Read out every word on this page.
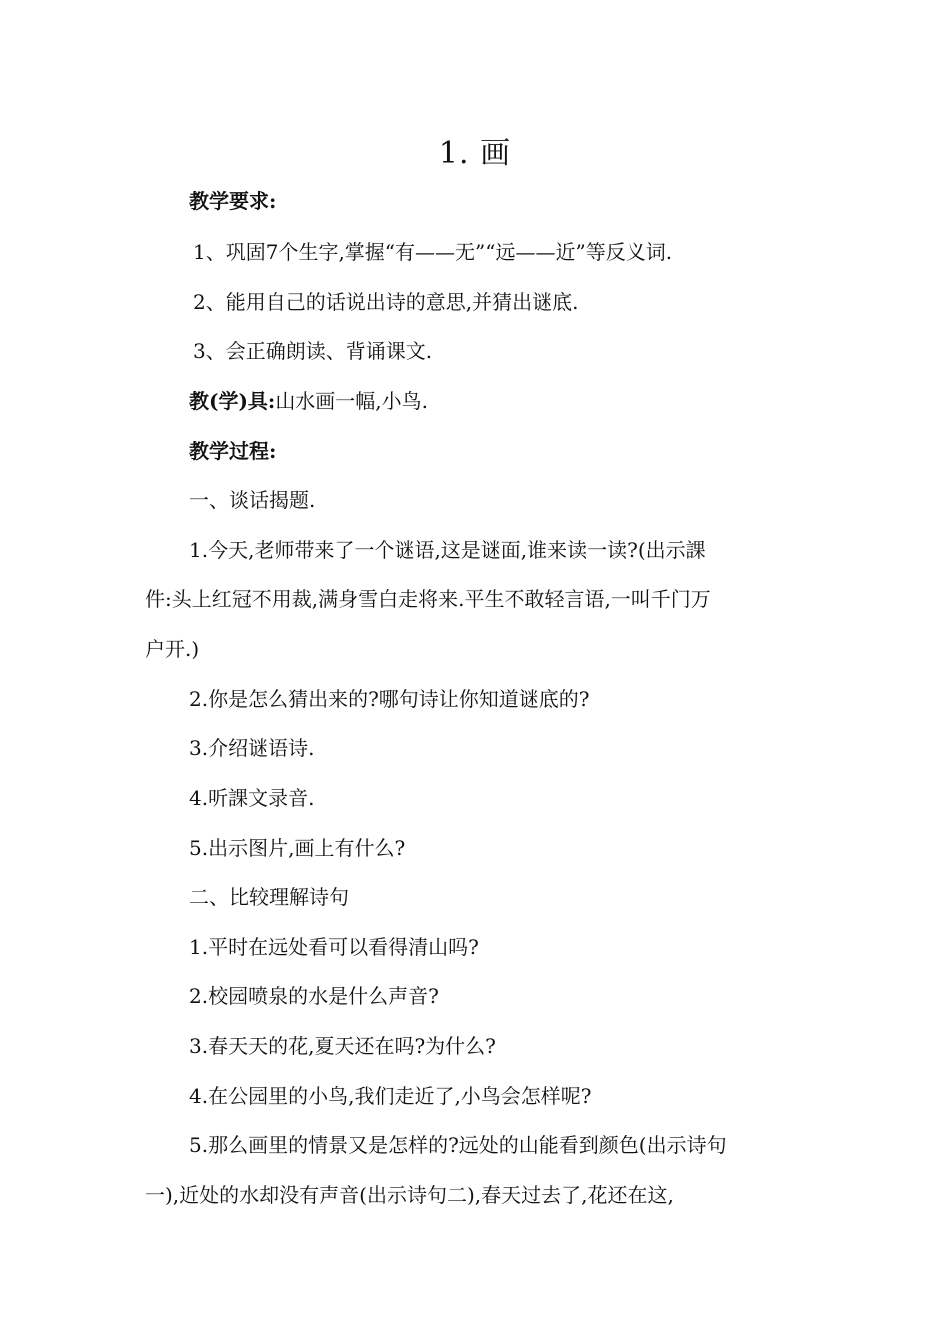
1. 画
教学要求:
1、巩固7个生字,掌握“有——无”“远——近”等反义词.
2、能用自己的话说出诗的意思,并猜出谜底.
3、会正确朗读、背诵课文.
教(学)具:山水画一幅,小鸟.
教学过程:
一、谈话揭题.
1.今天,老师带来了一个谜语,这是谜面,谁来读一读?(出示課
件:头上红冠不用裁,满身雪白走将来.平生不敢轻言语,一叫千门万
户开.)
2.你是怎么猜出来的?哪句诗让你知道谜底的?
3.介绍谜语诗.
4.听課文录音.
5.出示图片,画上有什么?
二、比较理解诗句
1.平时在远处看可以看得清山吗?
2.校园喷泉的水是什么声音?
3.春天天的花,夏天还在吗?为什么?
4.在公园里的小鸟,我们走近了,小鸟会怎样呢?
5.那么画里的情景又是怎样的?远处的山能看到颜色(出示诗句
一),近处的水却没有声音(出示诗句二),春天过去了,花还在这,
